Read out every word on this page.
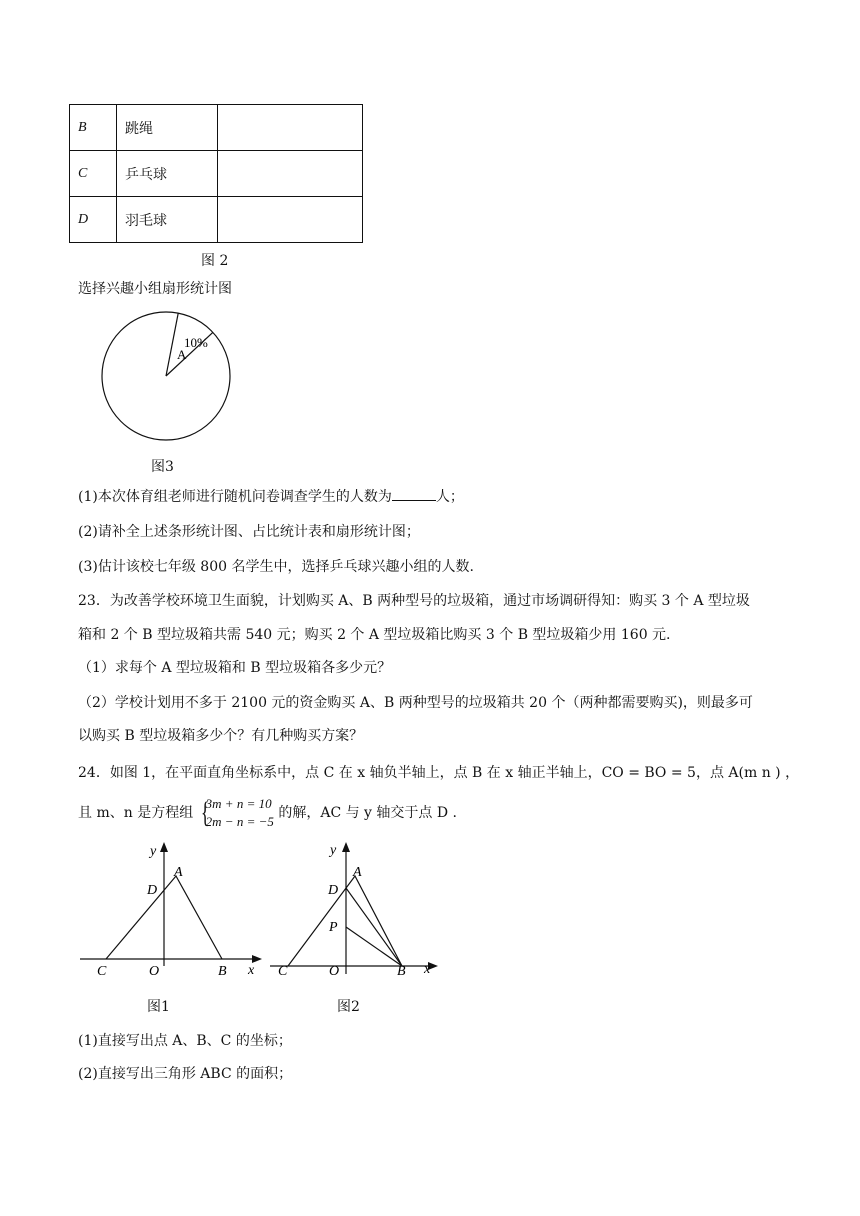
B	跳绳	
C	乒乓球	
D	羽毛球	
图 2
选择兴趣小组扇形统计图
10%
A
图3
(1)本次体育组老师进行随机问卷调查学生的人数为	人；
(2)请补全上述条形统计图、占比统计表和扇形统计图；
(3)估计该校七年级 800 名学生中，选择乒乓球兴趣小组的人数.
23．为改善学校环境卫生面貌，计划购买 A、B 两种型号的垃圾箱，通过市场调研得知：购买 3 个 A 型垃圾
箱和 2 个 B 型垃圾箱共需 540 元；购买 2 个 A 型垃圾箱比购买 3 个 B 型垃圾箱少用 160 元.
（1）求每个 A 型垃圾箱和 B 型垃圾箱各多少元？
（2）学校计划用不多于 2100 元的资金购买 A、B 两种型号的垃圾箱共 20 个（两种都需要购买)，则最多可
以购买 B 型垃圾箱多少个？有几种购买方案？
24．如图 1，在平面直角坐标系中，点 C 在 x 轴负半轴上，点 B 在 x 轴正半轴上，CO = BO = 5，点 A(m n ) ，
且 m、n 是方程组 {
3m + n = 10
2m − n = −5
的解，AC 与 y 轴交于点 D .
y
x
A
D
C	O	B
图1
y
x
A
D
P
C	O	B
图2
(1)直接写出点 A、B、C 的坐标；
(2)直接写出三角形 ABC 的面积；
